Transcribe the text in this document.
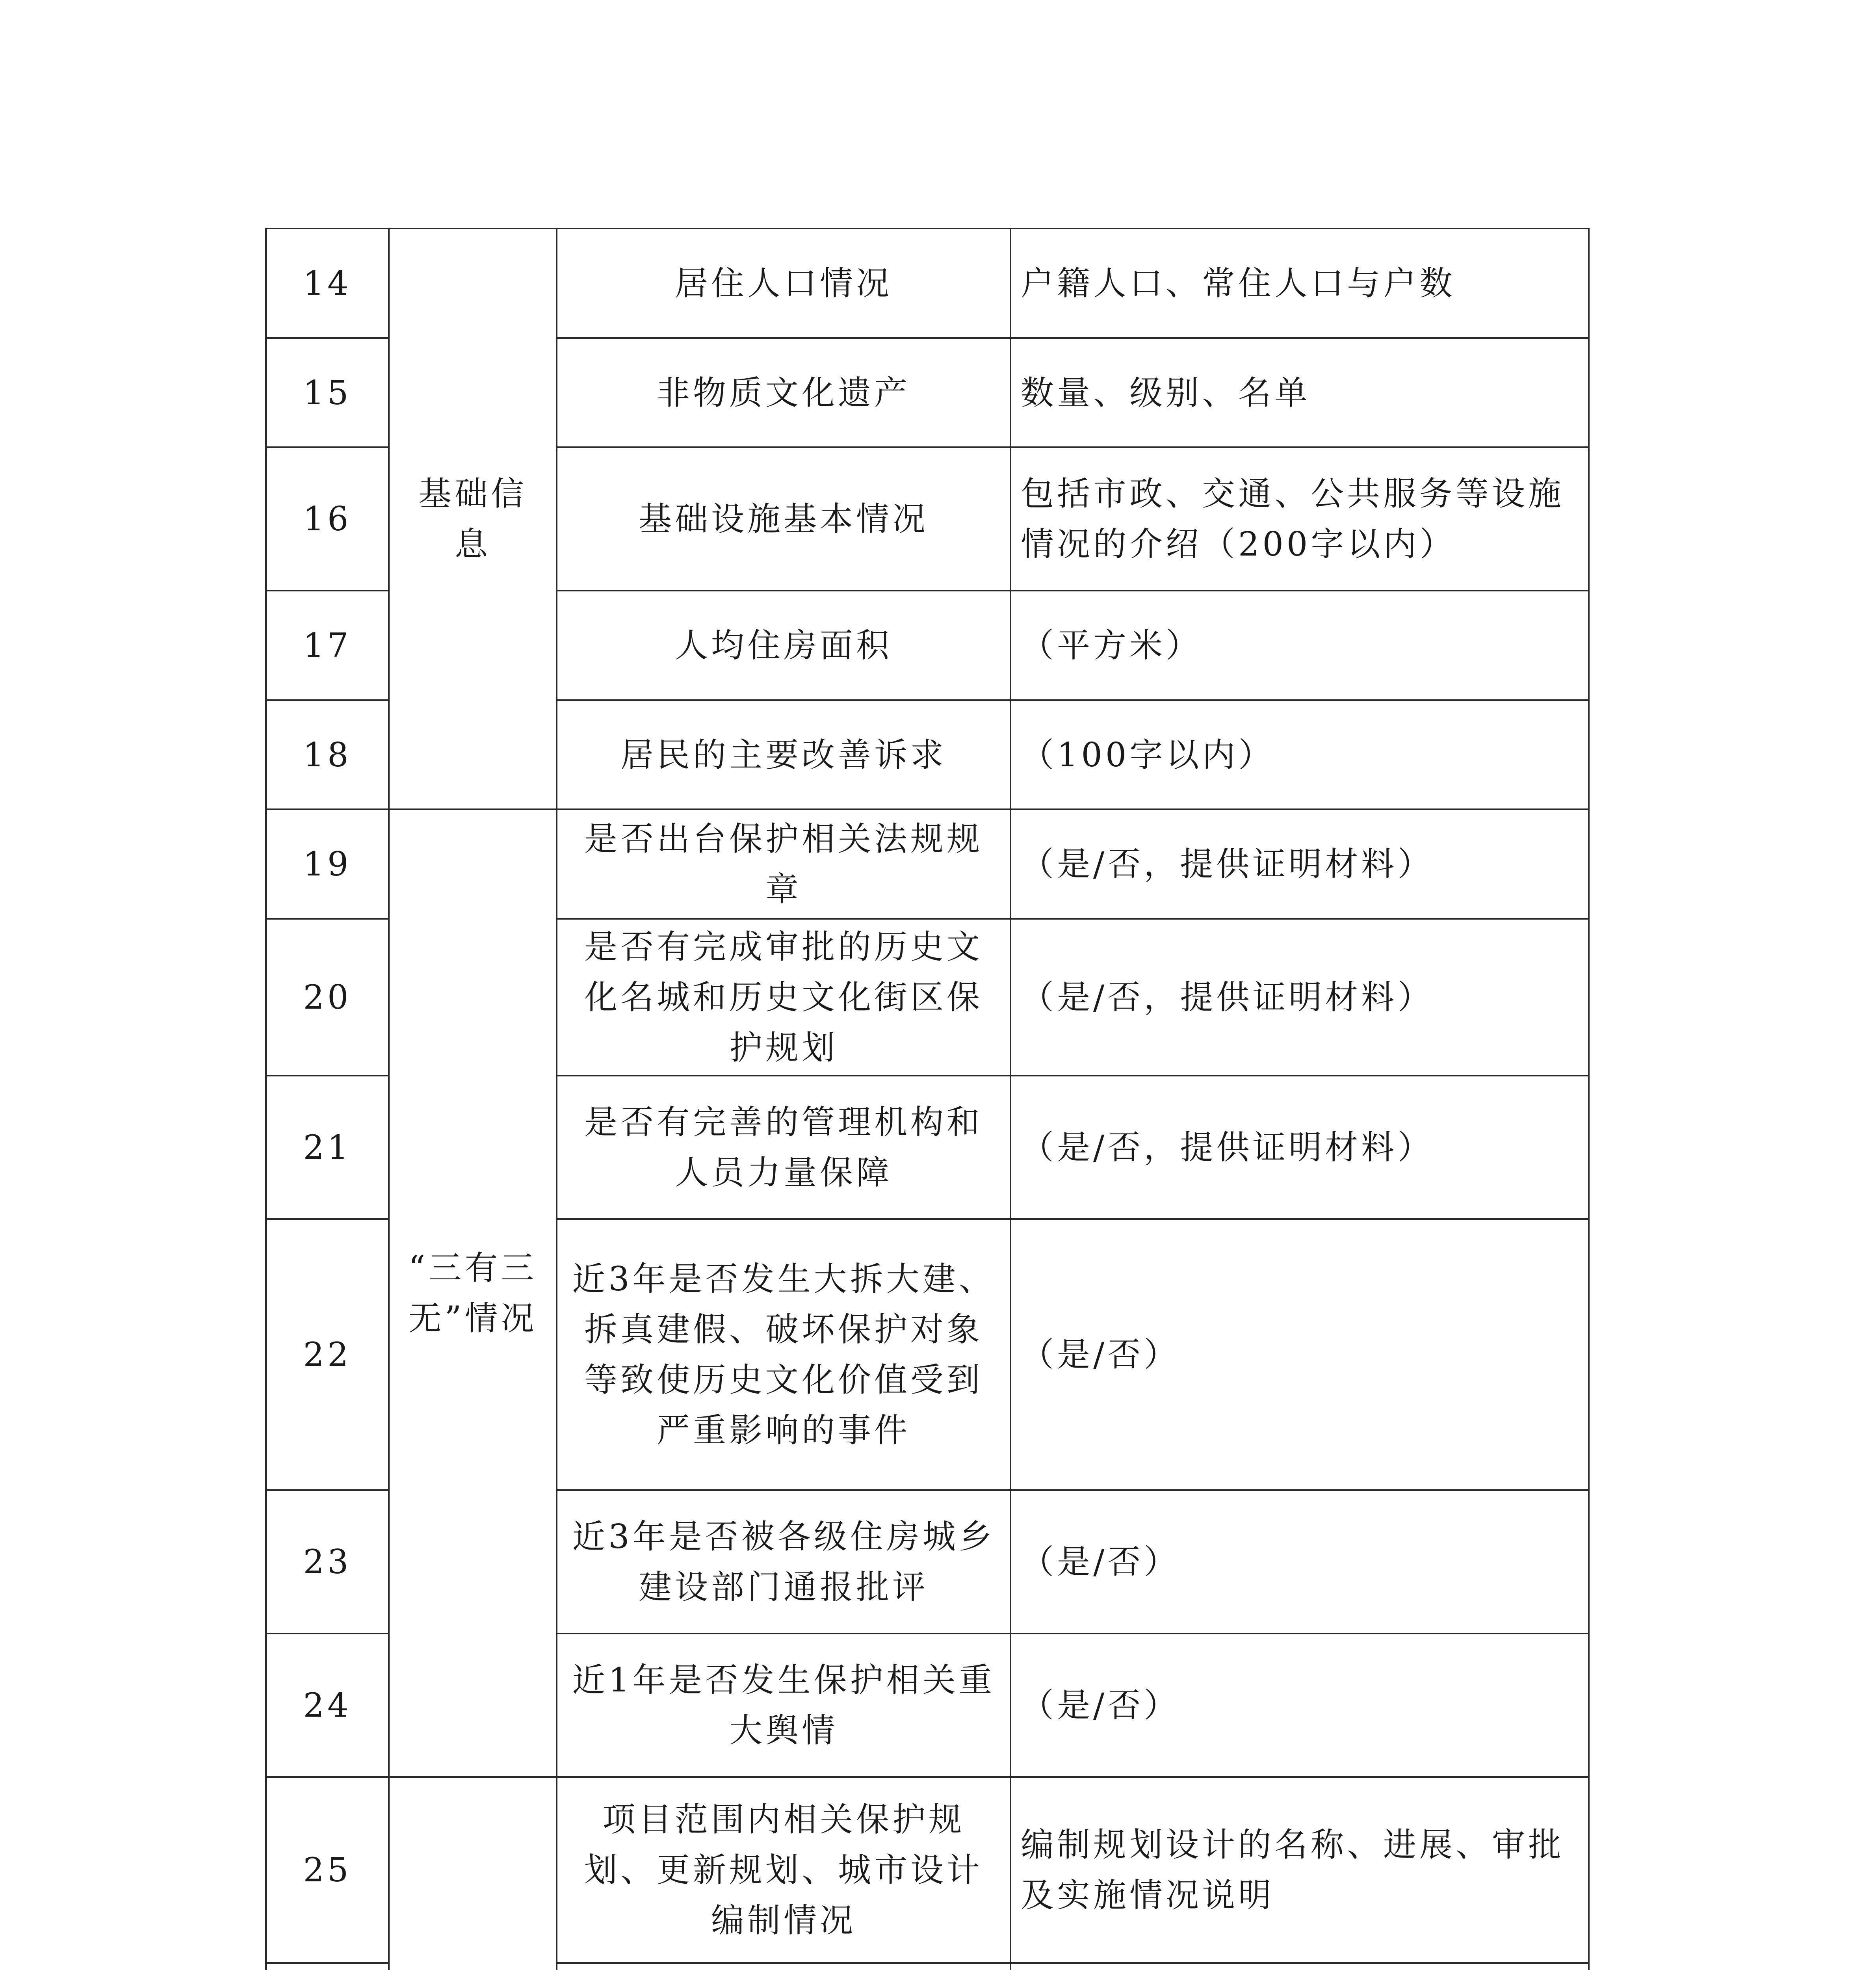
14	基础信息	居住人口情况	户籍人口、常住人口与户数
15		非物质文化遗产	数量、级别、名单
16		基础设施基本情况	包括市政、交通、公共服务等设施情况的介绍（200字以内）
17		人均住房面积	（平方米）
18		居民的主要改善诉求	（100字以内）
19	“三有三无”情况	是否出台保护相关法规规章	（是/否，提供证明材料）
20		是否有完成审批的历史文化名城和历史文化街区保护规划	（是/否，提供证明材料）
21		是否有完善的管理机构和人员力量保障	（是/否，提供证明材料）
22		近3年是否发生大拆大建、拆真建假、破坏保护对象等致使历史文化价值受到严重影响的事件	（是/否）
23		近3年是否被各级住房城乡建设部门通报批评	（是/否）
24		近1年是否发生保护相关重大舆情	（是/否）
25		项目范围内相关保护规划、更新规划、城市设计编制情况	编制规划设计的名称、进展、审批及实施情况说明
